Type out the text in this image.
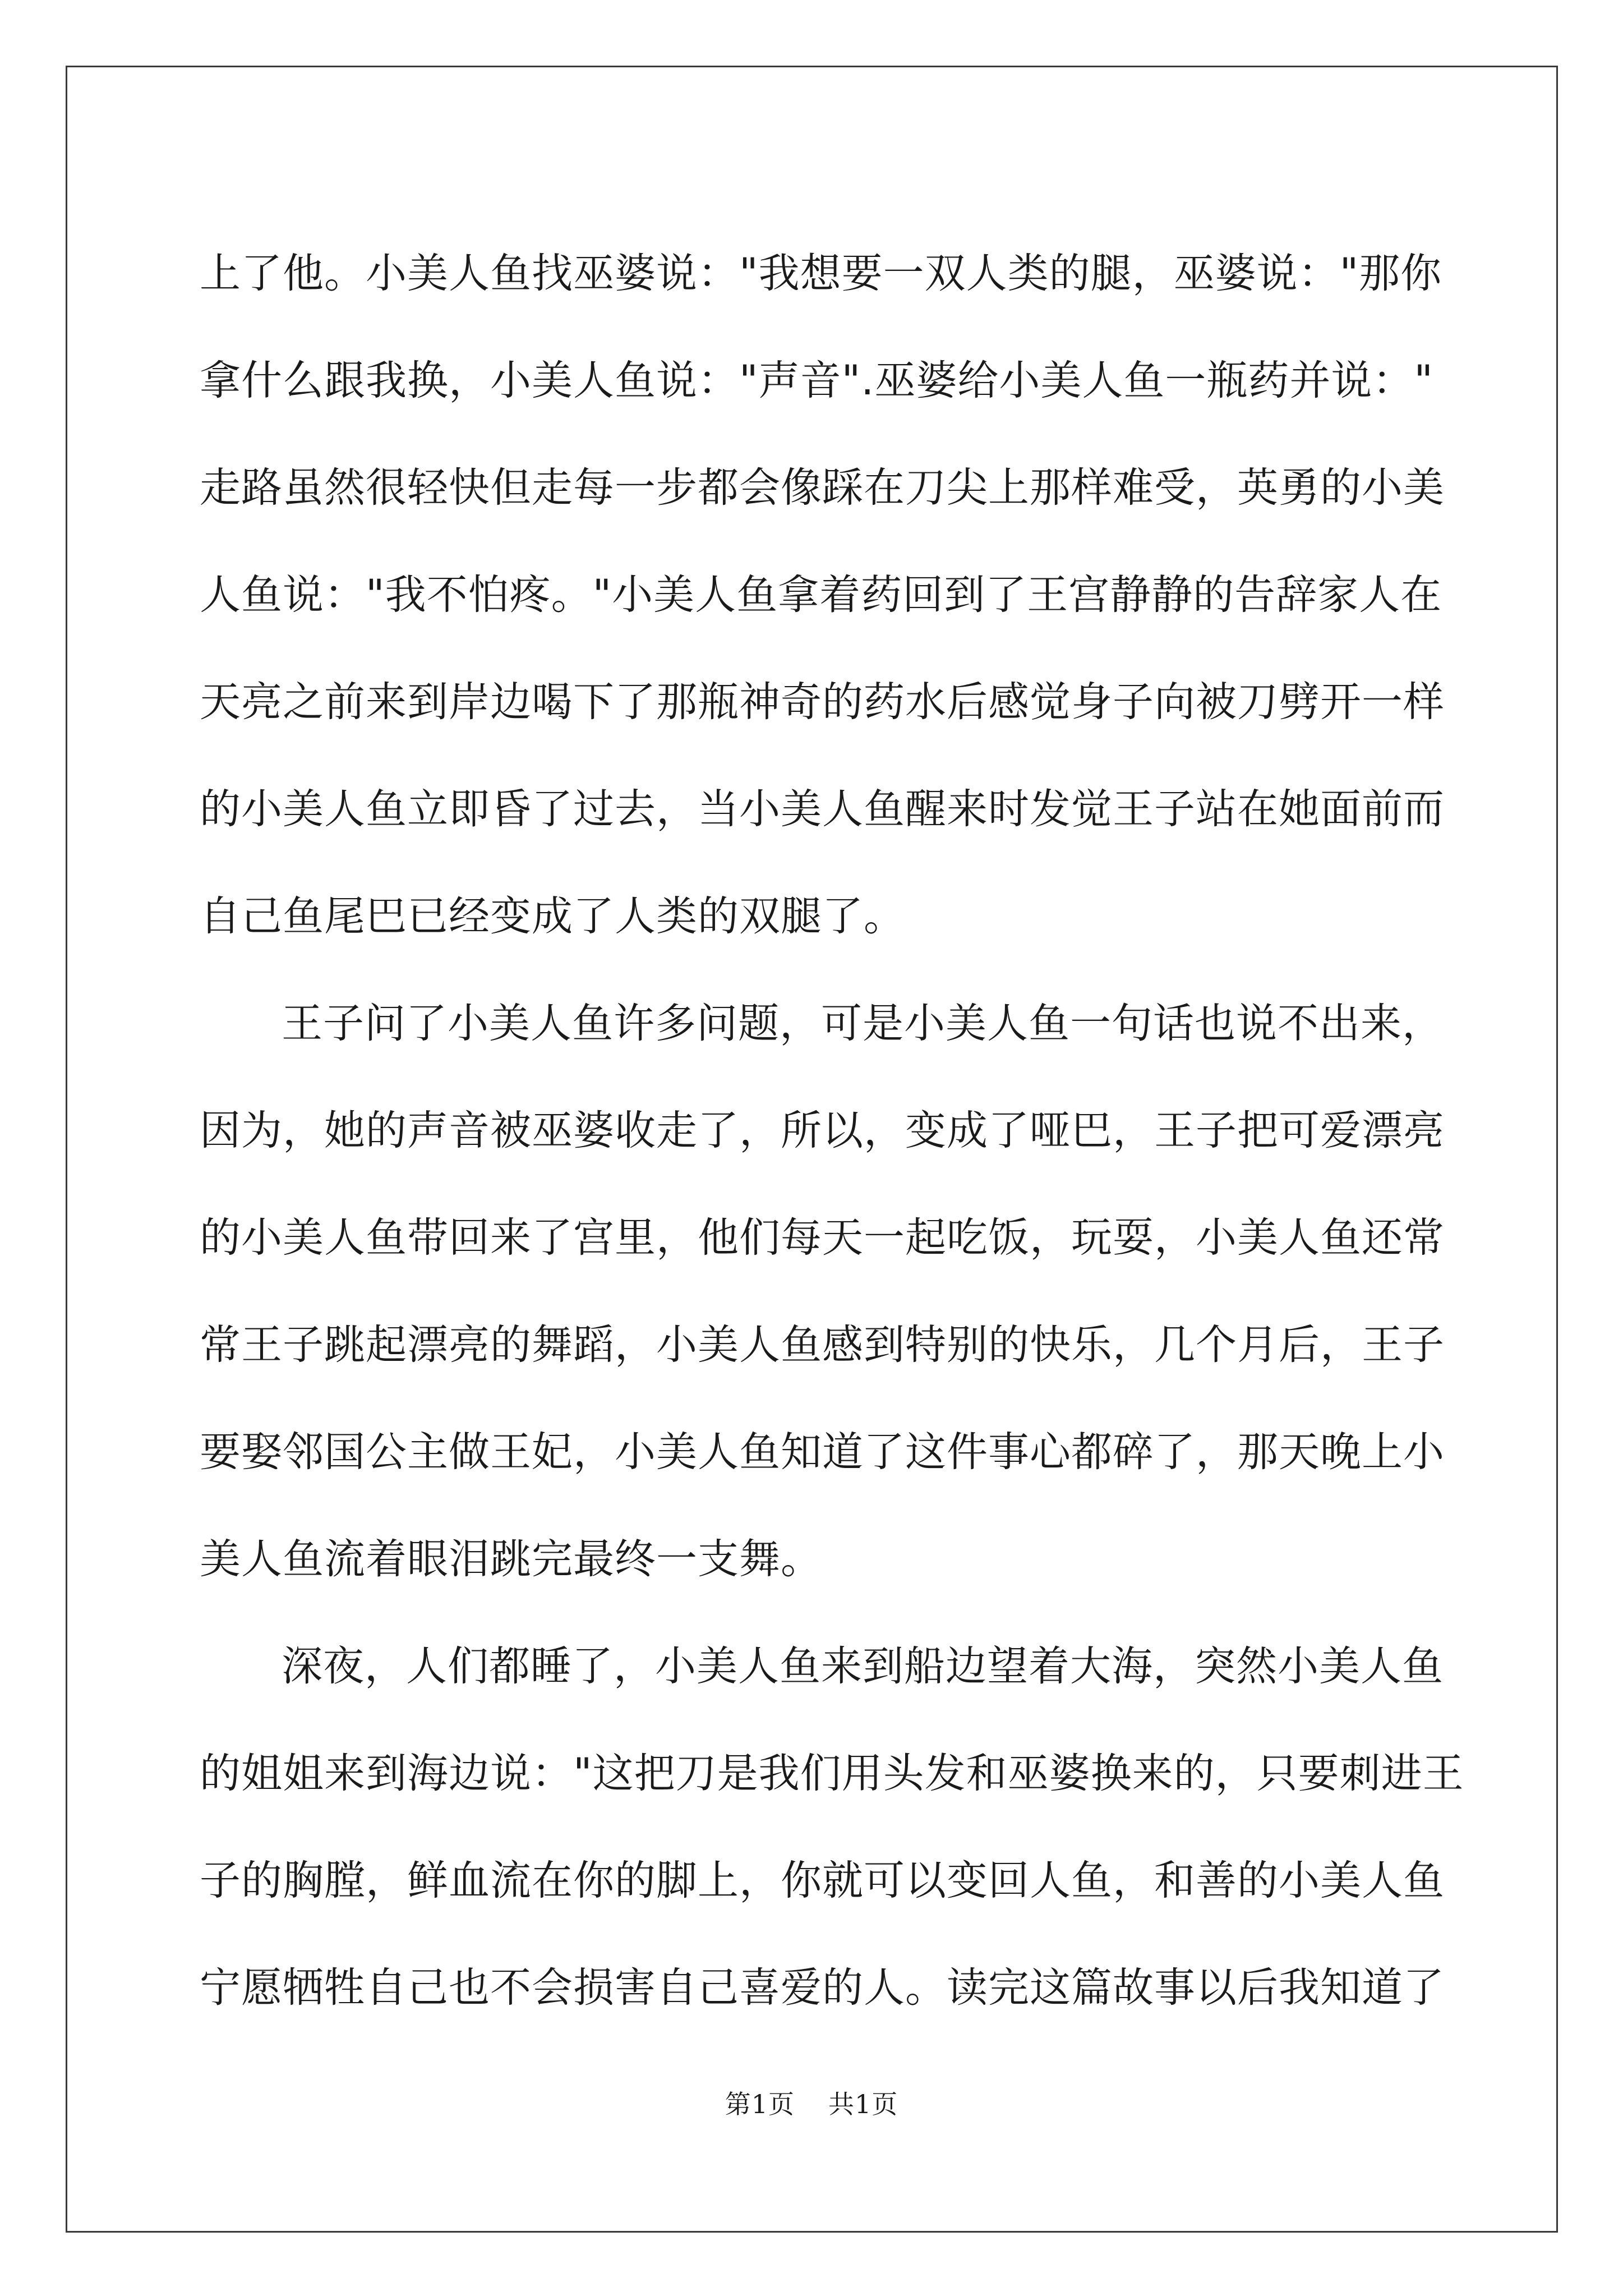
上了他。小美人鱼找巫婆说："我想要一双人类的腿，巫婆说："那你
拿什么跟我换，小美人鱼说："声音".巫婆给小美人鱼一瓶药并说："
走路虽然很轻快但走每一步都会像踩在刀尖上那样难受，英勇的小美
人鱼说："我不怕疼。"小美人鱼拿着药回到了王宫静静的告辞家人在
天亮之前来到岸边喝下了那瓶神奇的药水后感觉身子向被刀劈开一样
的小美人鱼立即昏了过去，当小美人鱼醒来时发觉王子站在她面前而
自己鱼尾巴已经变成了人类的双腿了。
王子问了小美人鱼许多问题，可是小美人鱼一句话也说不出来，
因为，她的声音被巫婆收走了，所以，变成了哑巴，王子把可爱漂亮
的小美人鱼带回来了宫里，他们每天一起吃饭，玩耍，小美人鱼还常
常王子跳起漂亮的舞蹈，小美人鱼感到特别的快乐，几个月后，王子
要娶邻国公主做王妃，小美人鱼知道了这件事心都碎了，那天晚上小
美人鱼流着眼泪跳完最终一支舞。
深夜，人们都睡了，小美人鱼来到船边望着大海，突然小美人鱼
的姐姐来到海边说："这把刀是我们用头发和巫婆换来的，只要刺进王
子的胸膛，鲜血流在你的脚上，你就可以变回人鱼，和善的小美人鱼
宁愿牺牲自己也不会损害自己喜爱的人。读完这篇故事以后我知道了
第1页 共1页
